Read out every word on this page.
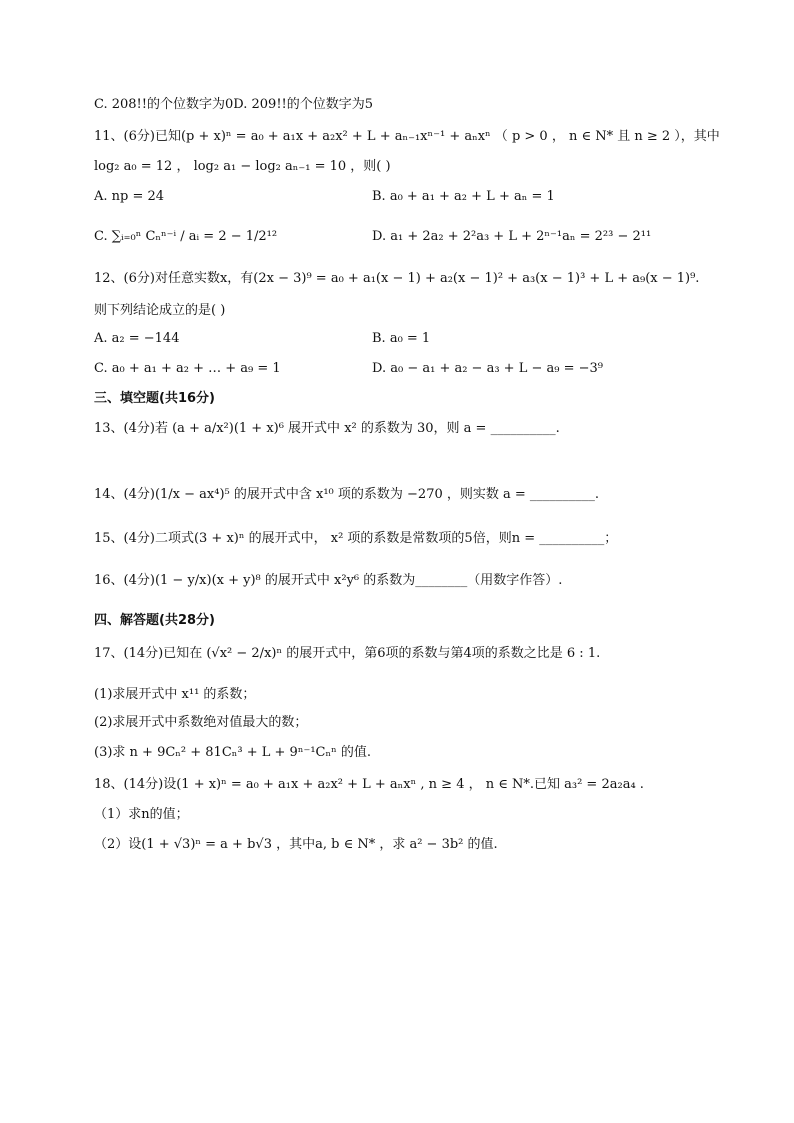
C. 208!!的个位数字为0D. 209!!的个位数字为5
11、(6分)已知(p + x)ⁿ = a₀ + a₁x + a₂x² + L + aₙ₋₁xⁿ⁻¹ + aₙxⁿ （ p > 0 ， n ∈ N* 且 n ≥ 2 ），其中
log₂ a₀ = 12 ， log₂ a₁ − log₂ aₙ₋₁ = 10 ，则( )
A. np = 24	B. a₀ + a₁ + a₂ + L + aₙ = 1
C. ∑ᵢ₌₀ⁿ Cₙⁿ⁻ⁱ / aᵢ = 2 − 1/2¹²	D. a₁ + 2a₂ + 2²a₃ + L + 2ⁿ⁻¹aₙ = 2²³ − 2¹¹
12、(6分)对任意实数x，有(2x − 3)⁹ = a₀ + a₁(x − 1) + a₂(x − 1)² + a₃(x − 1)³ + L + a₉(x − 1)⁹.
则下列结论成立的是( )
A. a₂ = −144	B. a₀ = 1
C. a₀ + a₁ + a₂ + … + a₉ = 1	D. a₀ − a₁ + a₂ − a₃ + L − a₉ = −3⁹
三、填空题(共16分)
13、(4分)若 (a + a/x²)(1 + x)⁶ 展开式中 x² 的系数为 30，则 a = __________.
14、(4分)(1/x − ax⁴)⁵ 的展开式中含 x¹⁰ 项的系数为 −270 ，则实数 a = __________.
15、(4分)二项式(3 + x)ⁿ 的展开式中， x² 项的系数是常数项的5倍，则n = __________；
16、(4分)(1 − y/x)(x + y)⁸ 的展开式中 x²y⁶ 的系数为________（用数字作答）.
四、解答题(共28分)
17、(14分)已知在 (√x² − 2/x)ⁿ 的展开式中，第6项的系数与第4项的系数之比是 6 : 1.
(1)求展开式中 x¹¹ 的系数；
(2)求展开式中系数绝对值最大的数；
(3)求 n + 9Cₙ² + 81Cₙ³ + L + 9ⁿ⁻¹Cₙⁿ 的值.
18、(14分)设(1 + x)ⁿ = a₀ + a₁x + a₂x² + L + aₙxⁿ , n ≥ 4 ， n ∈ N*.已知 a₃² = 2a₂a₄ .
（1）求n的值；
（2）设(1 + √3)ⁿ = a + b√3 ，其中a, b ∈ N* ，求 a² − 3b² 的值.
